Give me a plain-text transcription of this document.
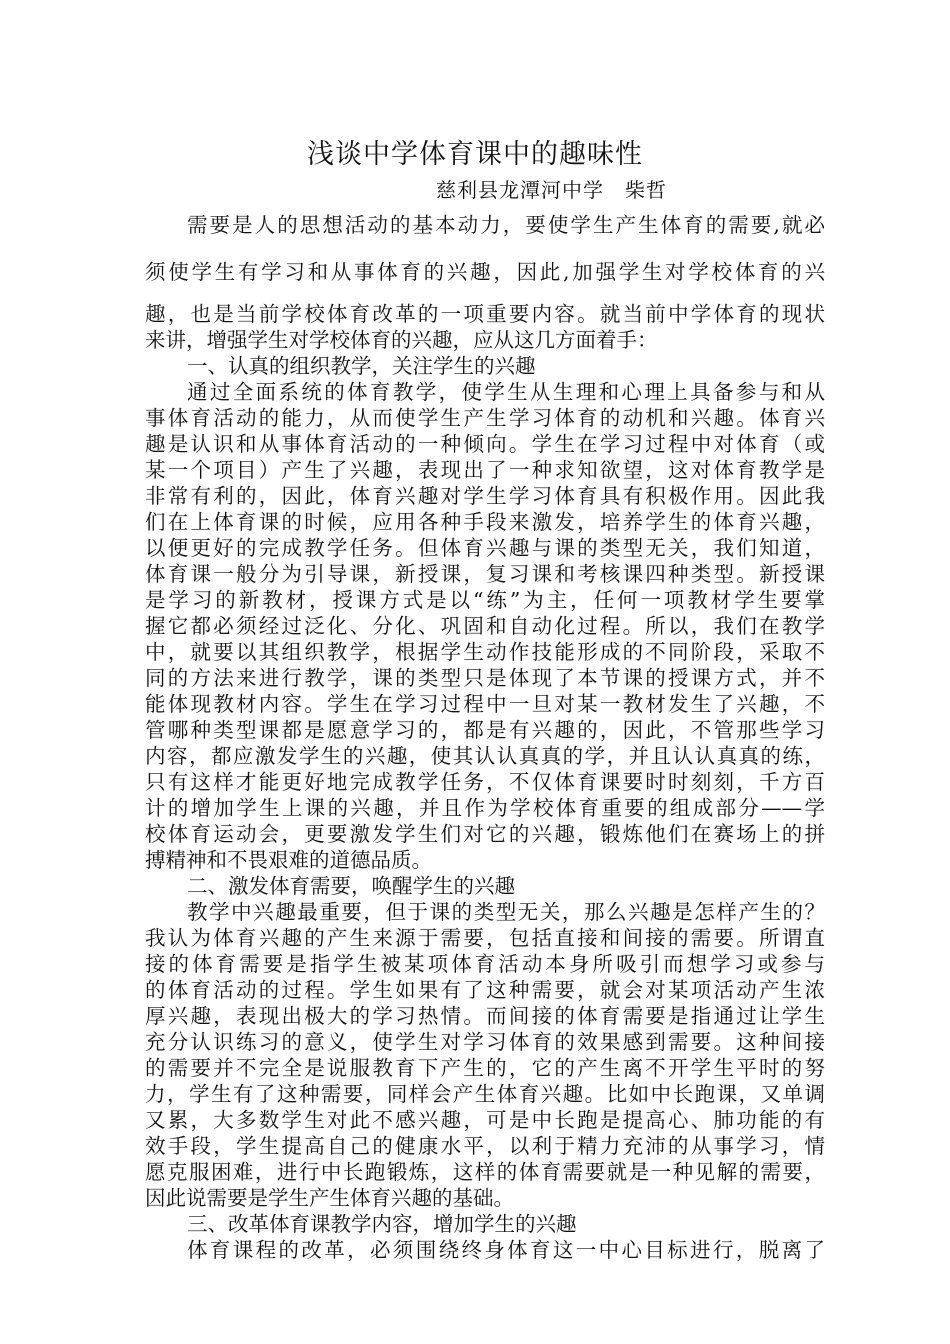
浅谈中学体育课中的趣味性
慈利县龙潭河中学　柴哲
需要是人的思想活动的基本动力，要使学生产生体育的需要,就必
须使学生有学习和从事体育的兴趣，因此,加强学生对学校体育的兴
趣，也是当前学校体育改革的一项重要内容。就当前中学体育的现状
来讲，增强学生对学校体育的兴趣，应从这几方面着手：
一、认真的组织教学，关注学生的兴趣
通过全面系统的体育教学，使学生从生理和心理上具备参与和从
事体育活动的能力，从而使学生产生学习体育的动机和兴趣。体育兴
趣是认识和从事体育活动的一种倾向。学生在学习过程中对体育（或
某一个项目）产生了兴趣，表现出了一种求知欲望，这对体育教学是
非常有利的，因此，体育兴趣对学生学习体育具有积极作用。因此我
们在上体育课的时候，应用各种手段来激发，培养学生的体育兴趣，
以便更好的完成教学任务。但体育兴趣与课的类型无关，我们知道，
体育课一般分为引导课，新授课，复习课和考核课四种类型。新授课
是学习的新教材，授课方式是以“练”为主，任何一项教材学生要掌
握它都必须经过泛化、分化、巩固和自动化过程。所以，我们在教学
中，就要以其组织教学，根据学生动作技能形成的不同阶段，采取不
同的方法来进行教学，课的类型只是体现了本节课的授课方式，并不
能体现教材内容。学生在学习过程中一旦对某一教材发生了兴趣，不
管哪种类型课都是愿意学习的，都是有兴趣的，因此，不管那些学习
内容，都应激发学生的兴趣，使其认认真真的学，并且认认真真的练，
只有这样才能更好地完成教学任务，不仅体育课要时时刻刻，千方百
计的增加学生上课的兴趣，并且作为学校体育重要的组成部分——学
校体育运动会，更要激发学生们对它的兴趣，锻炼他们在赛场上的拼
搏精神和不畏艰难的道德品质。
二、激发体育需要，唤醒学生的兴趣
教学中兴趣最重要，但于课的类型无关，那么兴趣是怎样产生的？
我认为体育兴趣的产生来源于需要，包括直接和间接的需要。所谓直
接的体育需要是指学生被某项体育活动本身所吸引而想学习或参与
的体育活动的过程。学生如果有了这种需要，就会对某项活动产生浓
厚兴趣，表现出极大的学习热情。而间接的体育需要是指通过让学生
充分认识练习的意义，使学生对学习体育的效果感到需要。这种间接
的需要并不完全是说服教育下产生的，它的产生离不开学生平时的努
力，学生有了这种需要，同样会产生体育兴趣。比如中长跑课，又单调
又累，大多数学生对此不感兴趣，可是中长跑是提高心、肺功能的有
效手段，学生提高自己的健康水平，以利于精力充沛的从事学习，情
愿克服困难，进行中长跑锻炼，这样的体育需要就是一种见解的需要，
因此说需要是学生产生体育兴趣的基础。
三、改革体育课教学内容，增加学生的兴趣
体育课程的改革，必须围绕终身体育这一中心目标进行，脱离了
